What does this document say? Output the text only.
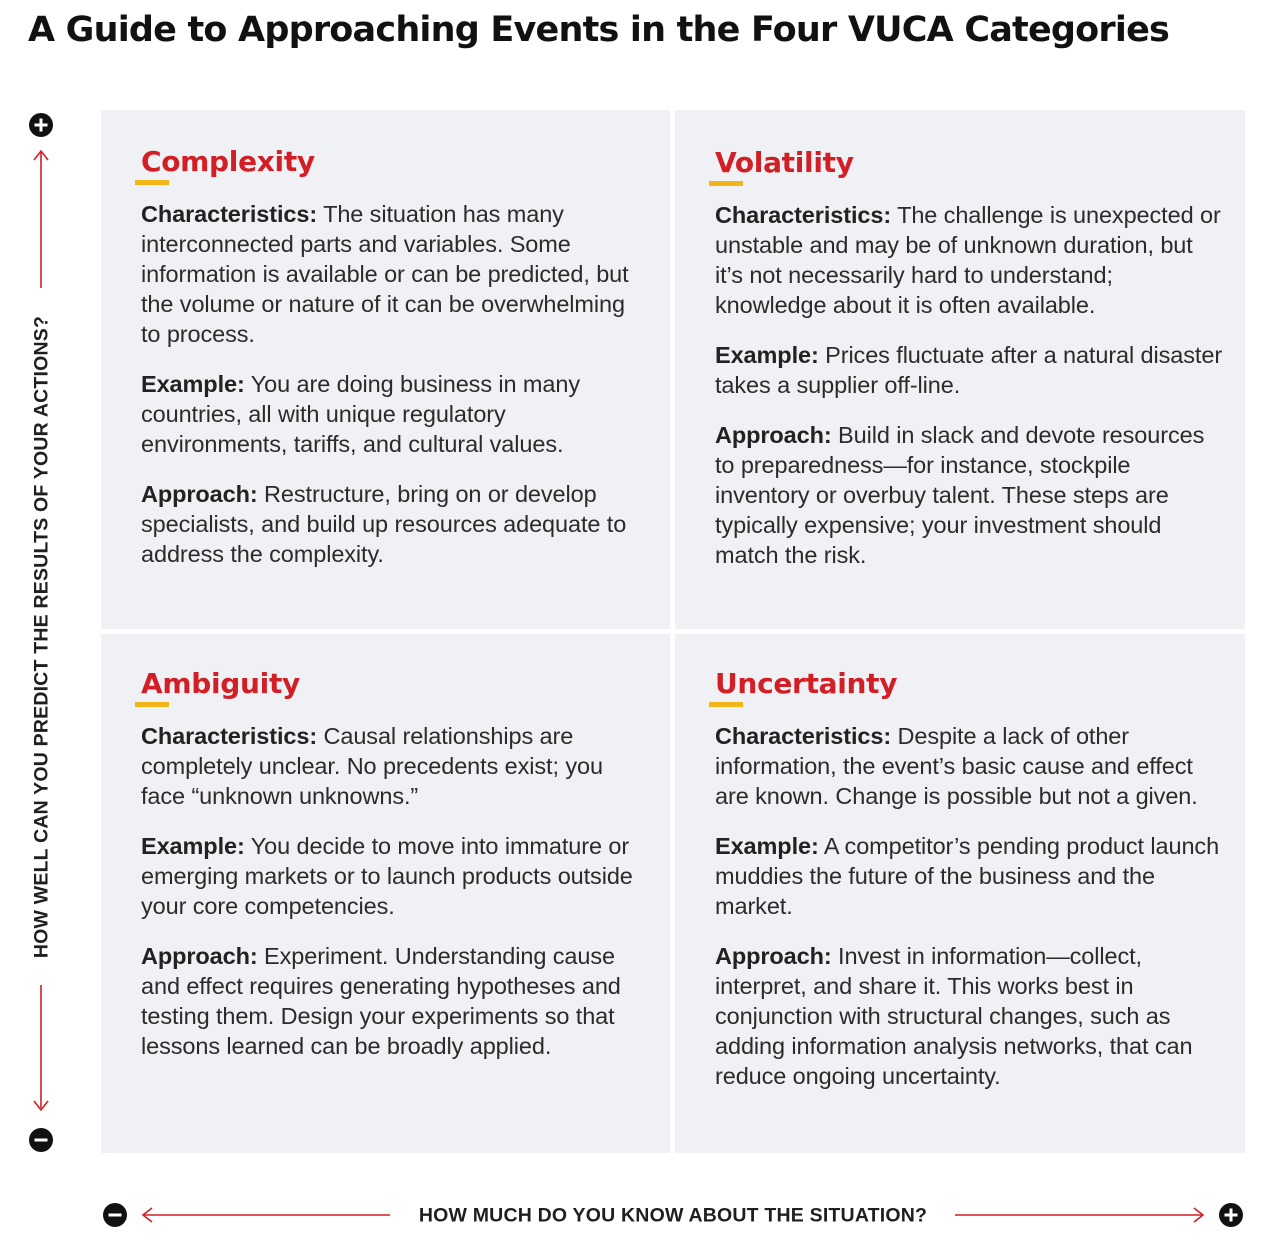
A Guide to Approaching Events in the Four VUCA Categories
HOW WELL CAN YOU PREDICT THE RESULTS OF YOUR ACTIONS?
HOW MUCH DO YOU KNOW ABOUT THE SITUATION?
Complexity

Characteristics: The situation has many interconnected parts and variables. Some information is available or can be predicted, but the volume or nature of it can be overwhelming to process.

Example: You are doing business in many countries, all with unique regulatory environments, tariffs, and cultural values.

Approach: Restructure, bring on or develop specialists, and build up resources adequate to address the complexity.

Volatility

Characteristics: The challenge is unexpected or unstable and may be of unknown duration, but it’s not necessarily hard to understand; knowledge about it is often available.

Example: Prices fluctuate after a natural disaster takes a supplier off-line.

Approach: Build in slack and devote resources to preparedness—for instance, stockpile inventory or overbuy talent. These steps are typically expensive; your investment should match the risk.

Ambiguity

Characteristics: Causal relationships are completely unclear. No precedents exist; you face “unknown unknowns.”

Example: You decide to move into immature or emerging markets or to launch products outside your core competencies.

Approach: Experiment. Understanding cause and effect requires generating hypotheses and testing them. Design your experiments so that lessons learned can be broadly applied.

Uncertainty

Characteristics: Despite a lack of other information, the event’s basic cause and effect are known. Change is possible but not a given.

Example: A competitor’s pending product launch muddies the future of the business and the market.

Approach: Invest in information—collect, interpret, and share it. This works best in conjunction with structural changes, such as adding information analysis networks, that can reduce ongoing uncertainty.
